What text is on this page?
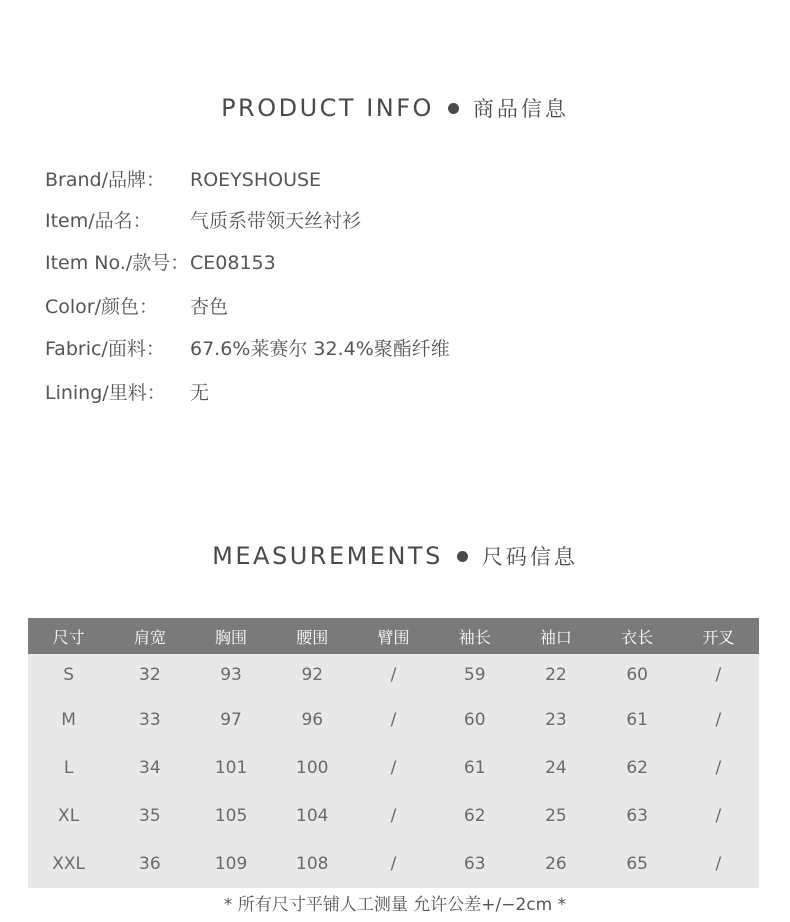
PRODUCT INFO 商品信息
Brand/品牌： ROEYSHOUSE
Item/品名： 气质系带领天丝衬衫
Item No./款号： CE08153
Color/颜色： 杏色
Fabric/面料： 67.6%莱赛尔 32.4%聚酯纤维
Lining/里料： 无
MEASUREMENTS 尺码信息
尺寸	肩宽	胸围	腰围	臂围	袖长	袖口	衣长	开叉
S	32	93	92	/	59	22	60	/
M	33	97	96	/	60	23	61	/
L	34	101	100	/	61	24	62	/
XL	35	105	104	/	62	25	63	/
XXL	36	109	108	/	63	26	65	/
* 所有尺寸平铺人工测量 允许公差+/−2cm *
